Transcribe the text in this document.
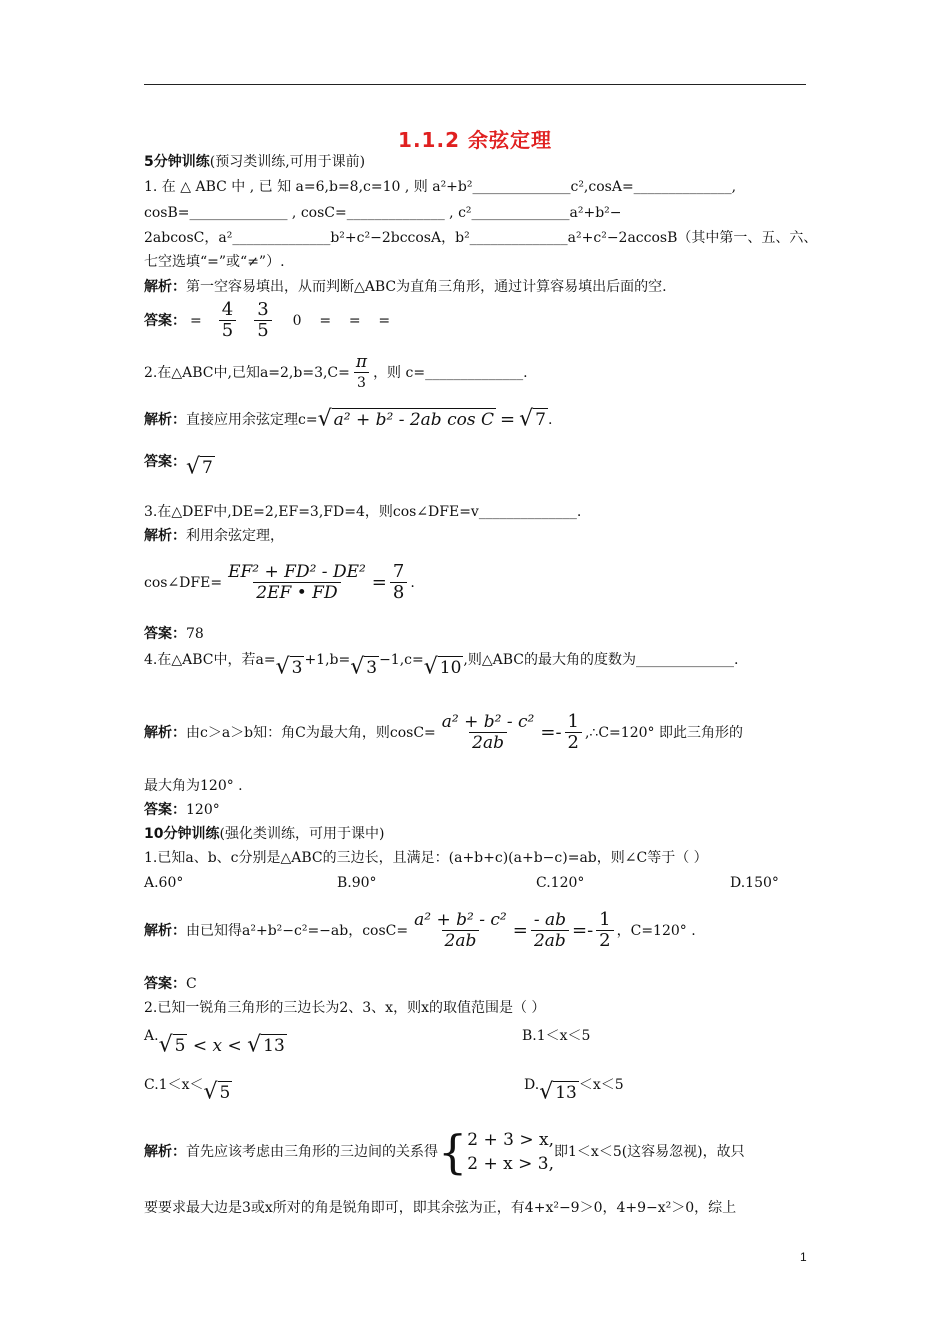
1.1.2 余弦定理
5分钟训练(预习类训练,可用于课前)
1. 在 △ ABC 中 , 已 知 a=6,b=8,c=10 , 则 a²+b²______________c²,cosA=______________,
cosB=______________ , cosC=______________ , c²______________a²+b²−
2abcosC，a²______________b²+c²−2bccosA，b²______________a²+c²−2accosB（其中第一、五、六、
七空选填“=”或“≠”）.
解析：第一空容易填出，从而判断△ABC为直角三角形，通过计算容易填出后面的空.
答案： = $\frac{4}{5} \frac{3}{5} 0$    =    =    =
2.在△ABC中,已知$a=2,b=3,C= \frac{\pi}{3}$ ，则 c=______________.
解析： 直接应用余弦定理c= √ a² + b² - 2ab cos C = √ 7 .
答案： √ 7
3.在△DEF中,DE=2,EF=3,FD=4，则cos∠DFE=v______________.
解析：利用余弦定理，
cos∠DFE= $\frac{\text{EF² + FD² - DE²}}{2EF • FD} = \frac{7}{8}$ .
答案：78
4.在△ABC中，若a= √ 3 +1,b= √ 3 −1,c= √ 10 ,则△ABC的最大角的度数为______________.
解析： 由c＞a＞b知：角C为最大角，则$\cos C= \frac{\text{a² + b² - c²}}{2ab} =- \frac{1}{2}$ ,∴C=120° 即此三角形的
最大角为120° .
答案：120°
10分钟训练(强化类训练，可用于课中)
1.已知a、b、c分别是△ABC的三边长，且满足：(a+b+c)(a+b−c)=ab，则∠C等于（ ）
A.60°	B.90°	C.120°	D.150°
解析： 由已知得a²+b²−c²=−ab，$\cos C= \frac{\text{a² + b² - c²}}{2ab} = \frac{- ab}{2ab} =- \frac{1}{2}$ ，C=120° .
答案：C
2.已知一锐角三角形的三边长为2、3、x，则x的取值范围是（ ）
A. √ 5 < x < √ 13	B.1＜x＜5
C.1＜x＜ √ 5	D. √ 13 ＜x＜5
解析： 首先应该考虑由三角形的三边间的关系得 { 2 + 3 > x,
2 + x > 3,
即1＜x＜5(这容易忽视)，故只
要要求最大边是3或x所对的角是锐角即可，即其余弦为正，有4+x²−9＞0，4+9−x²＞0，综上
1
